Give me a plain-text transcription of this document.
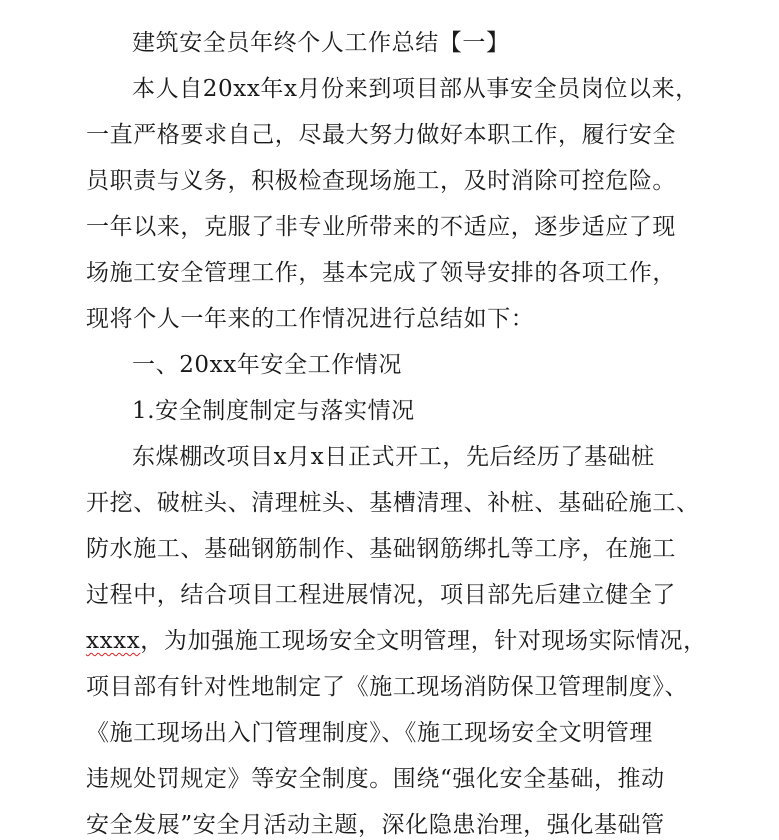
建筑安全员年终个人工作总结【一】
本人自20xx年x月份来到项目部从事安全员岗位以来，
一直严格要求自己，尽最大努力做好本职工作，履行安全
员职责与义务，积极检查现场施工，及时消除可控危险。
一年以来，克服了非专业所带来的不适应，逐步适应了现
场施工安全管理工作，基本完成了领导安排的各项工作，
现将个人一年来的工作情况进行总结如下：
一、20xx年安全工作情况
1.安全制度制定与落实情况
东煤棚改项目x月x日正式开工，先后经历了基础桩
开挖、破桩头、清理桩头、基槽清理、补桩、基础砼施工、
防水施工、基础钢筋制作、基础钢筋绑扎等工序，在施工
过程中，结合项目工程进展情况，项目部先后建立健全了
xxxx，为加强施工现场安全文明管理，针对现场实际情况，
项目部有针对性地制定了《施工现场消防保卫管理制度》、
《施工现场出入门管理制度》、《施工现场安全文明管理
违规处罚规定》等安全制度。围绕“强化安全基础，推动
安全发展”安全月活动主题，深化隐患治理，强化基础管
